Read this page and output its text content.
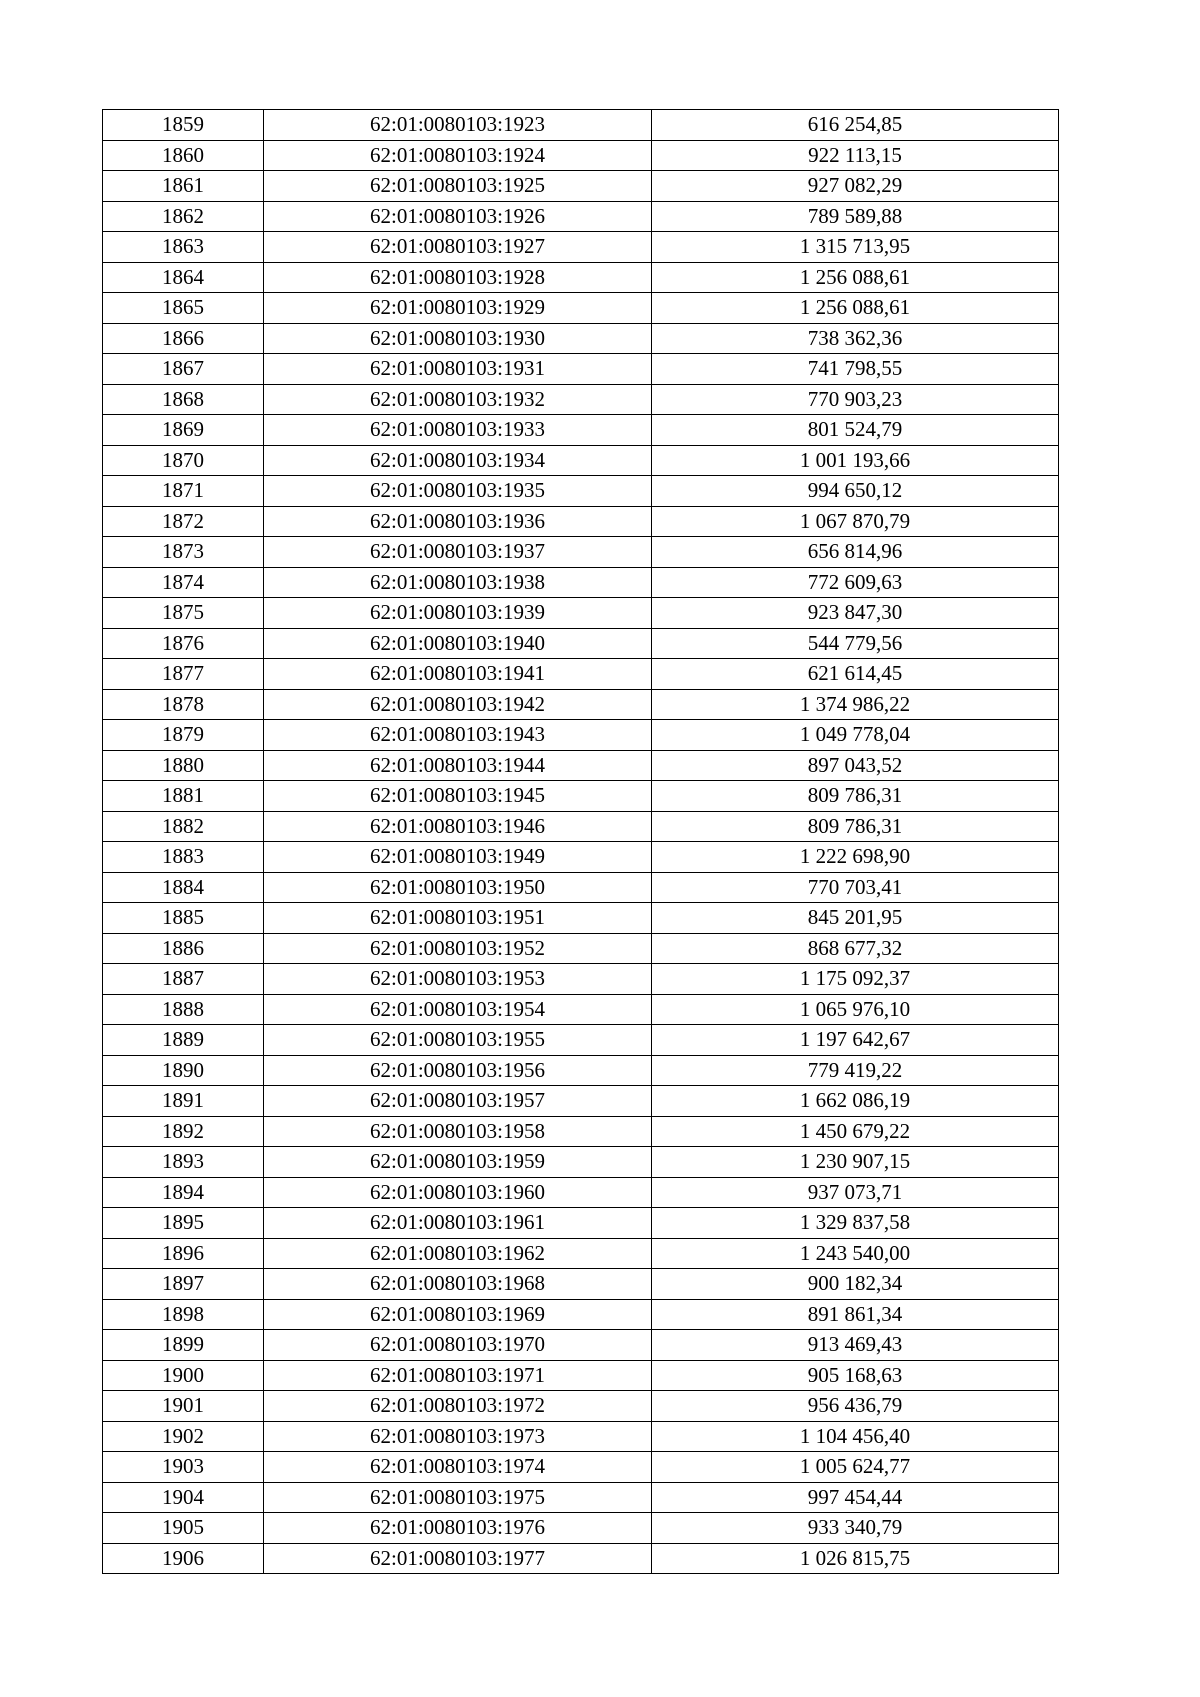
1859	62:01:0080103:1923	616 254,85
1860	62:01:0080103:1924	922 113,15
1861	62:01:0080103:1925	927 082,29
1862	62:01:0080103:1926	789 589,88
1863	62:01:0080103:1927	1 315 713,95
1864	62:01:0080103:1928	1 256 088,61
1865	62:01:0080103:1929	1 256 088,61
1866	62:01:0080103:1930	738 362,36
1867	62:01:0080103:1931	741 798,55
1868	62:01:0080103:1932	770 903,23
1869	62:01:0080103:1933	801 524,79
1870	62:01:0080103:1934	1 001 193,66
1871	62:01:0080103:1935	994 650,12
1872	62:01:0080103:1936	1 067 870,79
1873	62:01:0080103:1937	656 814,96
1874	62:01:0080103:1938	772 609,63
1875	62:01:0080103:1939	923 847,30
1876	62:01:0080103:1940	544 779,56
1877	62:01:0080103:1941	621 614,45
1878	62:01:0080103:1942	1 374 986,22
1879	62:01:0080103:1943	1 049 778,04
1880	62:01:0080103:1944	897 043,52
1881	62:01:0080103:1945	809 786,31
1882	62:01:0080103:1946	809 786,31
1883	62:01:0080103:1949	1 222 698,90
1884	62:01:0080103:1950	770 703,41
1885	62:01:0080103:1951	845 201,95
1886	62:01:0080103:1952	868 677,32
1887	62:01:0080103:1953	1 175 092,37
1888	62:01:0080103:1954	1 065 976,10
1889	62:01:0080103:1955	1 197 642,67
1890	62:01:0080103:1956	779 419,22
1891	62:01:0080103:1957	1 662 086,19
1892	62:01:0080103:1958	1 450 679,22
1893	62:01:0080103:1959	1 230 907,15
1894	62:01:0080103:1960	937 073,71
1895	62:01:0080103:1961	1 329 837,58
1896	62:01:0080103:1962	1 243 540,00
1897	62:01:0080103:1968	900 182,34
1898	62:01:0080103:1969	891 861,34
1899	62:01:0080103:1970	913 469,43
1900	62:01:0080103:1971	905 168,63
1901	62:01:0080103:1972	956 436,79
1902	62:01:0080103:1973	1 104 456,40
1903	62:01:0080103:1974	1 005 624,77
1904	62:01:0080103:1975	997 454,44
1905	62:01:0080103:1976	933 340,79
1906	62:01:0080103:1977	1 026 815,75
